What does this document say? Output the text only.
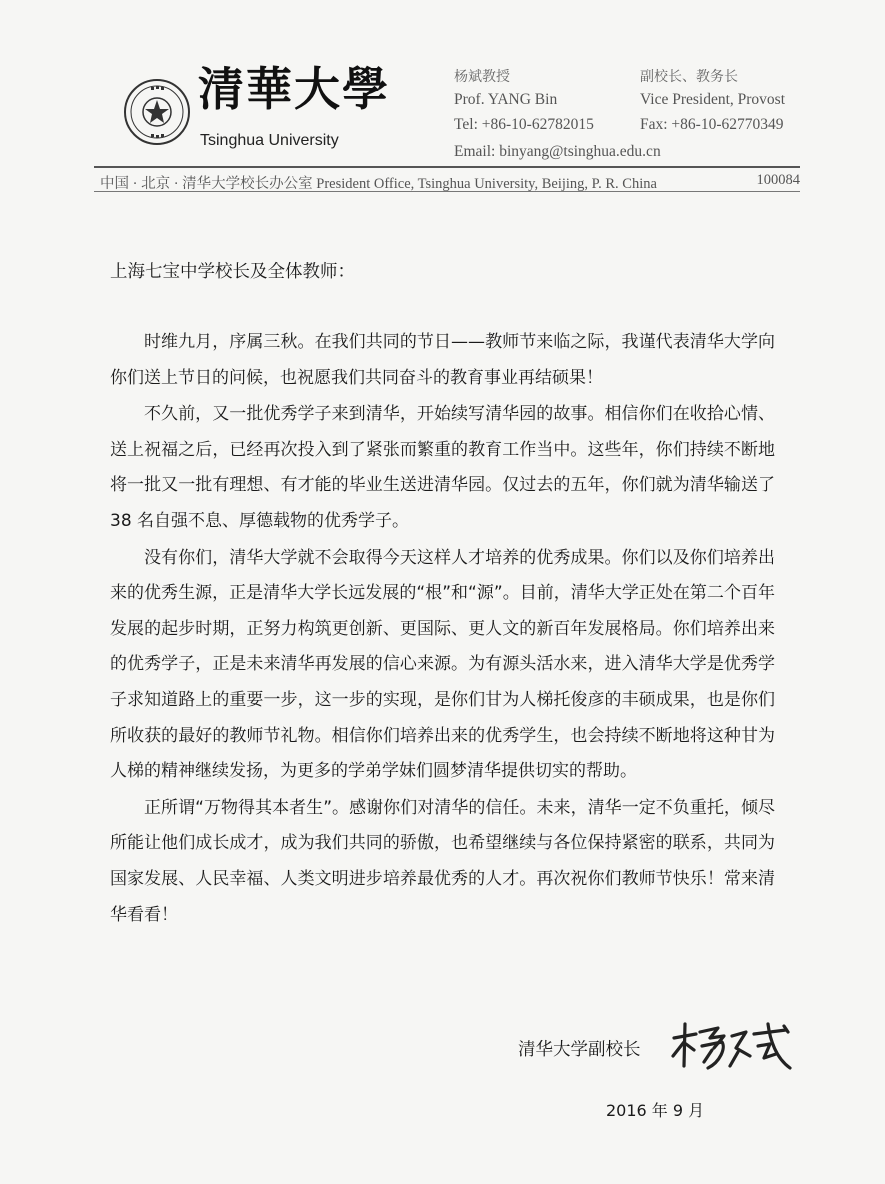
清華大學
Tsinghua University
杨斌教授
Prof. YANG Bin
Tel: +86-10-62782015
副校长、教务长
Vice President, Provost
Fax: +86-10-62770349
Email: binyang@tsinghua.edu.cn
中国 · 北京 · 清华大学校长办公室 President Office, Tsinghua University, Beijing, P. R. China	100084
上海七宝中学校长及全体教师：

时维九月，序属三秋。在我们共同的节日——教师节来临之际，我谨代表清华大学向你们送上节日的问候，也祝愿我们共同奋斗的教育事业再结硕果！

不久前，又一批优秀学子来到清华，开始续写清华园的故事。相信你们在收拾心情、送上祝福之后，已经再次投入到了紧张而繁重的教育工作当中。这些年，你们持续不断地将一批又一批有理想、有才能的毕业生送进清华园。仅过去的五年，你们就为清华输送了 38 名自强不息、厚德载物的优秀学子。

没有你们，清华大学就不会取得今天这样人才培养的优秀成果。你们以及你们培养出来的优秀生源，正是清华大学长远发展的“根”和“源”。目前，清华大学正处在第二个百年发展的起步时期，正努力构筑更创新、更国际、更人文的新百年发展格局。你们培养出来的优秀学子，正是未来清华再发展的信心来源。为有源头活水来，进入清华大学是优秀学子求知道路上的重要一步，这一步的实现，是你们甘为人梯托俊彦的丰硕成果，也是你们所收获的最好的教师节礼物。相信你们培养出来的优秀学生，也会持续不断地将这种甘为人梯的精神继续发扬，为更多的学弟学妹们圆梦清华提供切实的帮助。

正所谓“万物得其本者生”。感谢你们对清华的信任。未来，清华一定不负重托，倾尽所能让他们成长成才，成为我们共同的骄傲，也希望继续与各位保持紧密的联系，共同为国家发展、人民幸福、人类文明进步培养最优秀的人才。再次祝你们教师节快乐！常来清华看看！

清华大学副校长
2016 年 9 月
